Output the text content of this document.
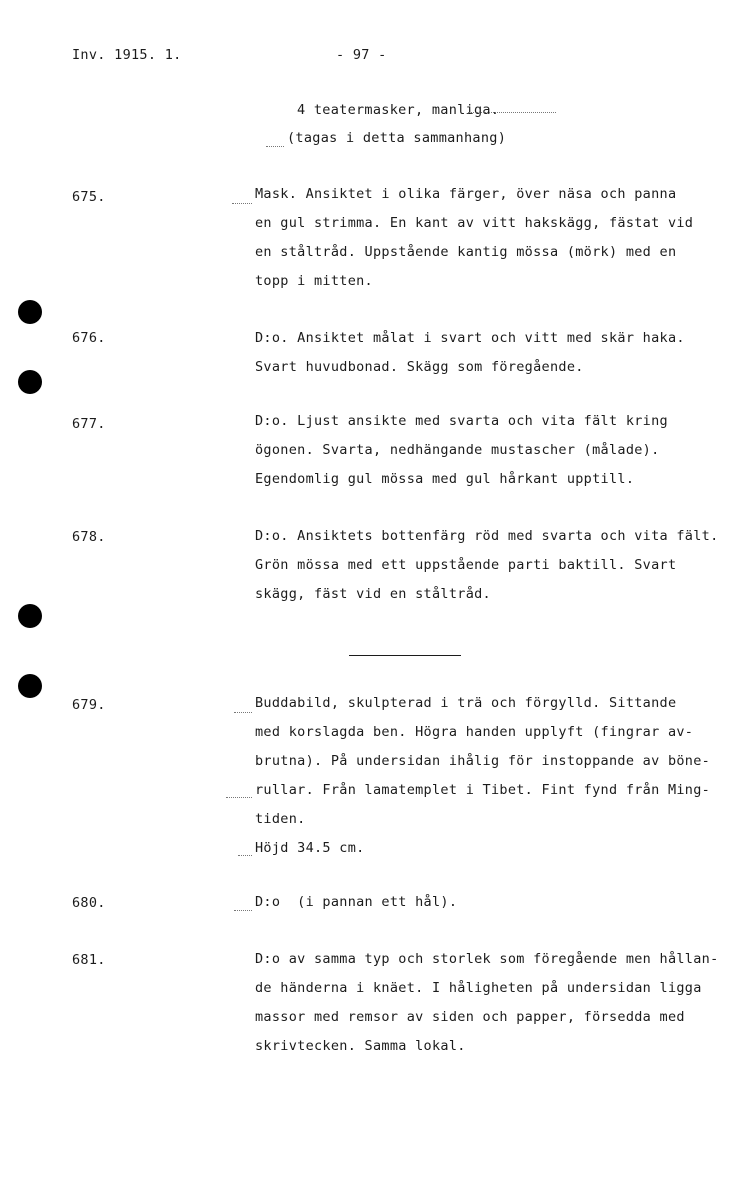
Inv. 1915. 1.	- 97 -
4 teatermasker, manliga.
(tagas i detta sammanhang)
675.	Mask. Ansiktet i olika färger, över näsa och panna
en gul strimma. En kant av vitt hakskägg, fästat vid
en ståltråd. Uppstående kantig mössa (mörk) med en
topp i mitten.
676.	D:o. Ansiktet målat i svart och vitt med skär haka.
Svart huvudbonad. Skägg som föregående.
677.	D:o. Ljust ansikte med svarta och vita fält kring
ögonen. Svarta, nedhängande mustascher (målade).
Egendomlig gul mössa med gul hårkant upptill.
678.	D:o. Ansiktets bottenfärg röd med svarta och vita fält.
Grön mössa med ett uppstående parti baktill. Svart
skägg, fäst vid en ståltråd.
679.	Buddabild, skulpterad i trä och förgylld. Sittande
med korslagda ben. Högra handen upplyft (fingrar av-
brutna). På undersidan ihålig för instoppande av böne-
rullar. Från lamatemplet i Tibet. Fint fynd från Ming-
tiden.
Höjd 34.5 cm.
680.	D:o  (i pannan ett hål).
681.	D:o av samma typ och storlek som föregående men hållan-
de händerna i knäet. I håligheten på undersidan ligga
massor med remsor av siden och papper, försedda med
skrivtecken. Samma lokal.
